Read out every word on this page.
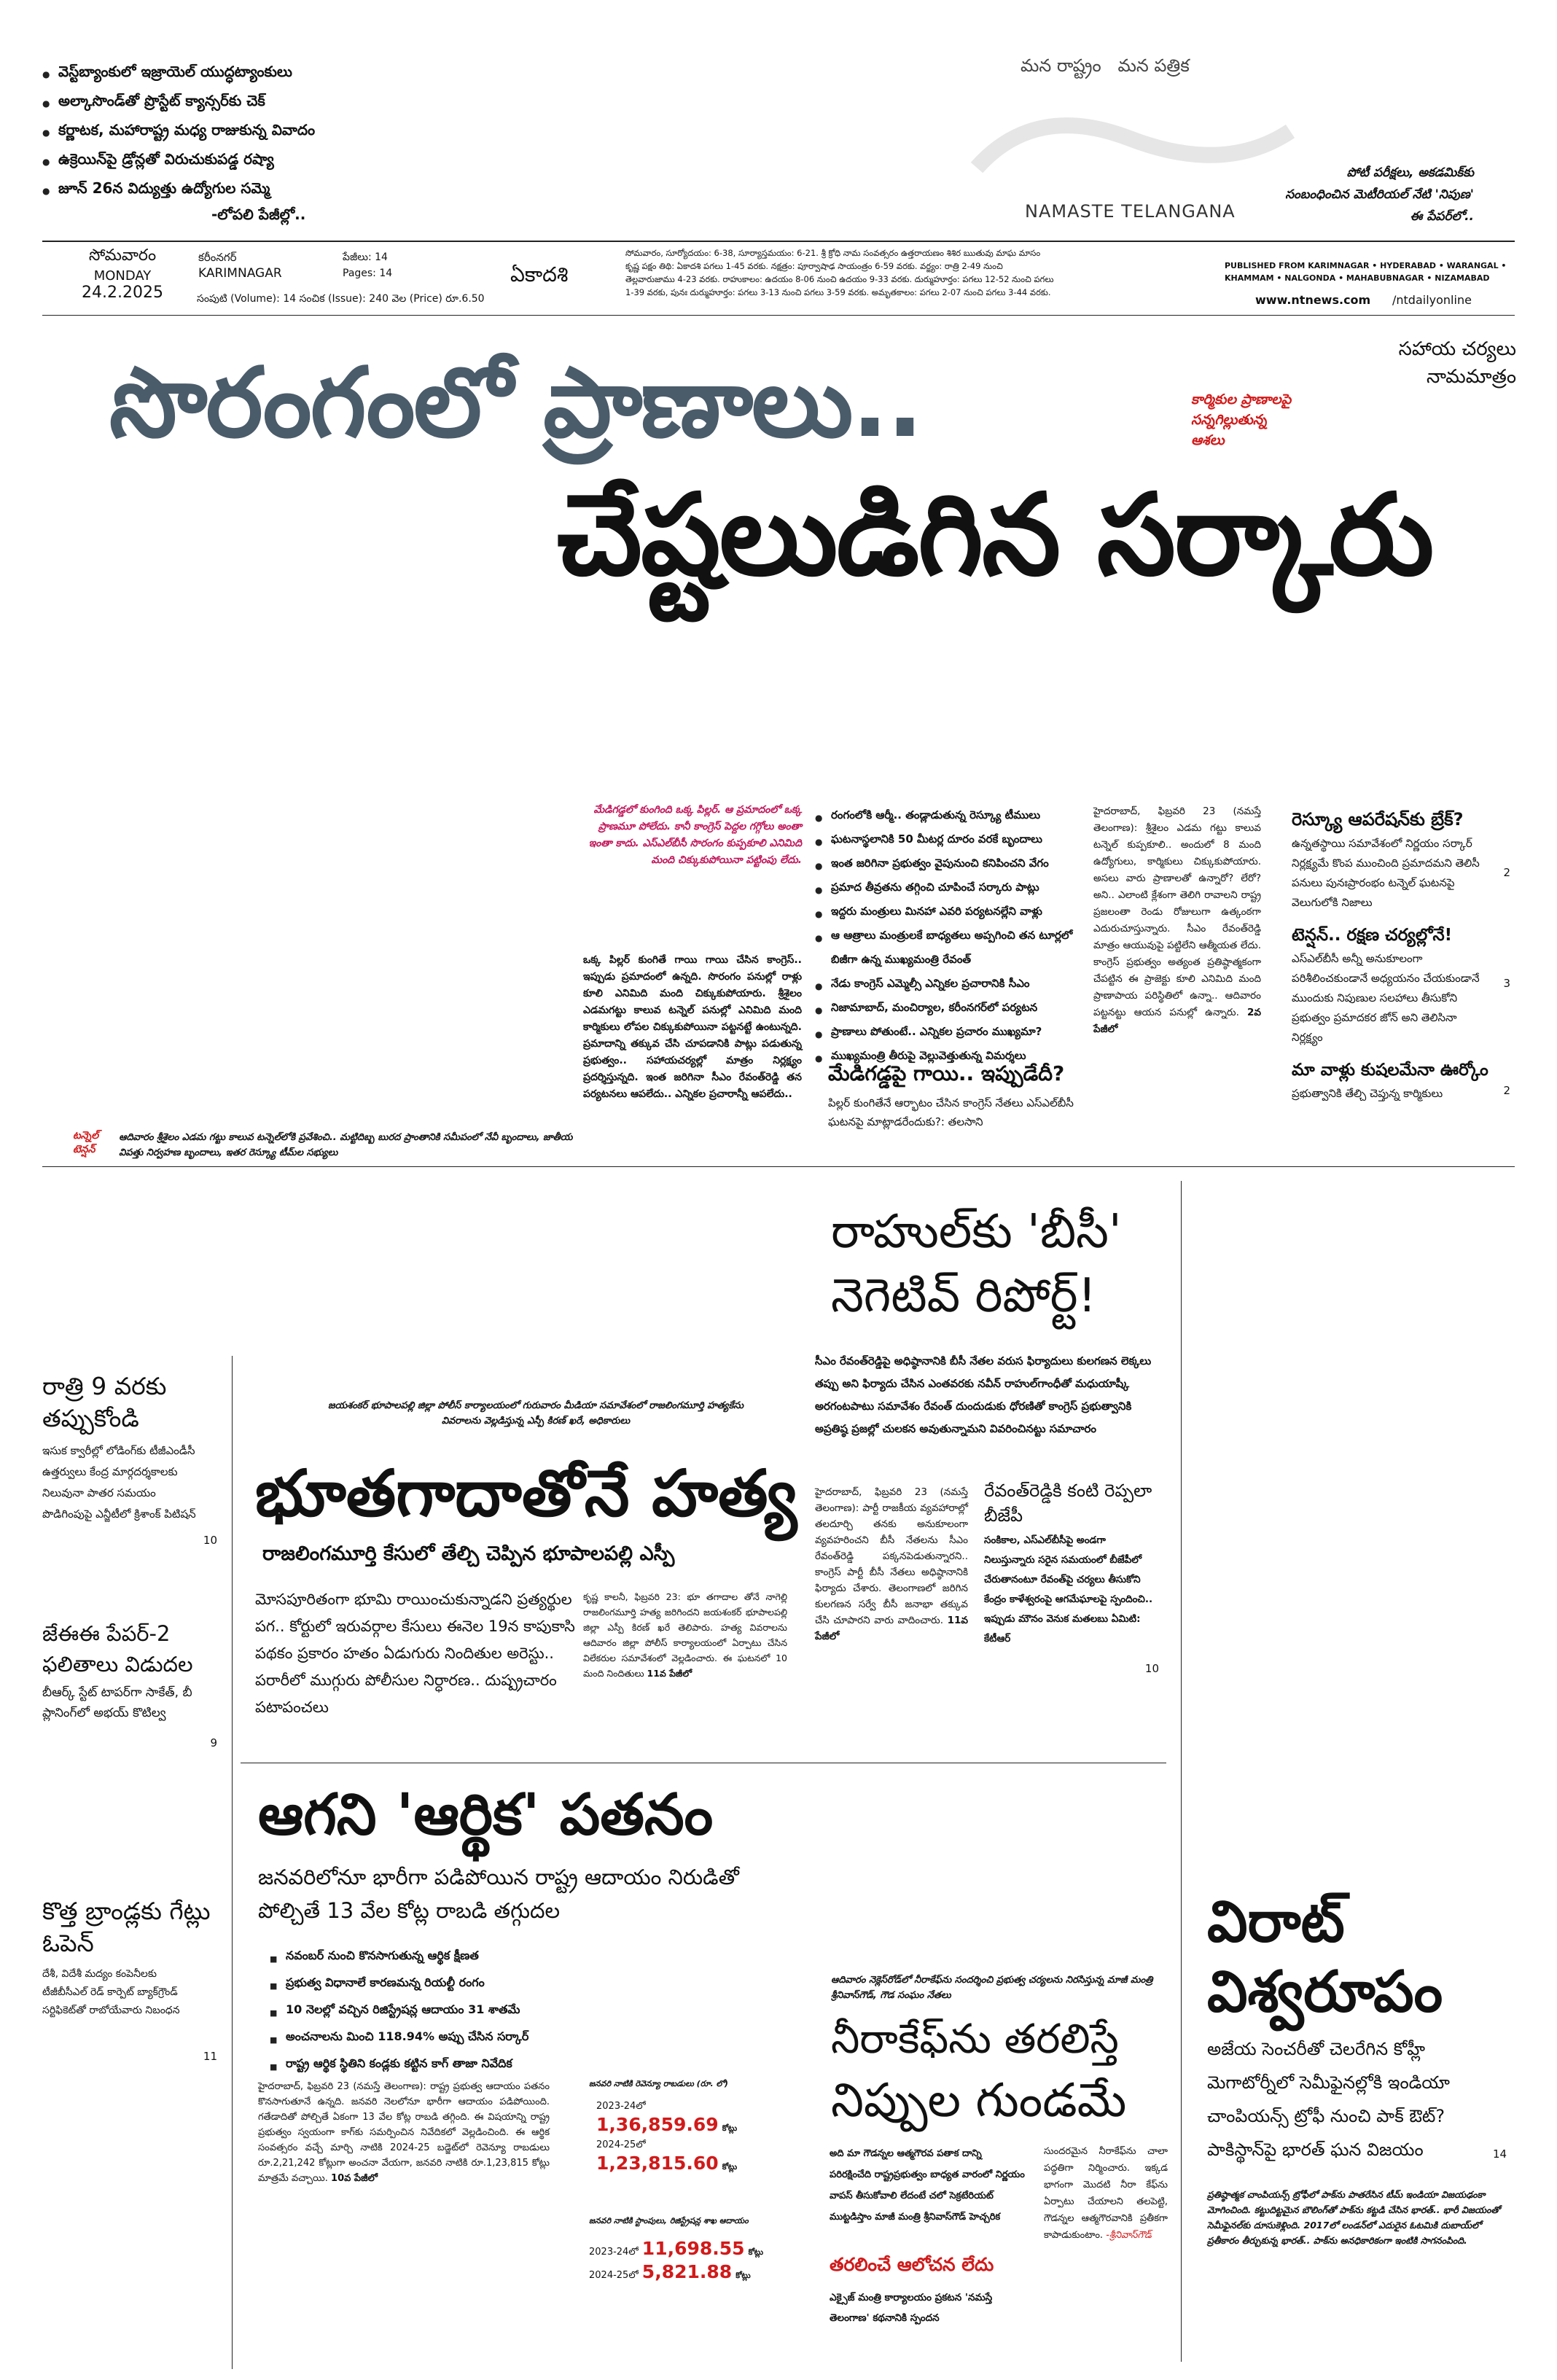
● వెస్ట్‌బ్యాంకులో ఇజ్రాయెల్ యుద్ధట్యాంకులు
● అల్కాసొండ్‌తో ప్రొస్టేట్ క్యాన్సర్‌కు చెక్
● కర్ణాటక, మహారాష్ట్ర మధ్య రాజుకున్న వివాదం
● ఉక్రెయిన్‌పై డ్రోన్లతో విరుచుకుపడ్డ రష్యా
● జూన్ 26న విద్యుత్తు ఉద్యోగుల సమ్మె
-లోపలి పేజీల్లో..
మన రాష్ట్రం   మన పత్రిక
NAMASTE TELANGANA
పోటీ పరీక్షలు, అకడమిక్‌కు సంబంధించిన మెటీరియల్ నేటి 'నిపుణ' ఈ పేపర్‌లో..
సోమవారం
MONDAY
24.2.2025
కరీంనగర్
KARIMNAGAR
పేజీలు: 14
Pages: 14
సంపుటి (Volume): 14 సంచిక (Issue): 240 వెల (Price) రూ.6.50
ఏకాదశి
సోమవారం, సూర్యోదయం: 6-38, సూర్యాస్తమయం: 6-21. శ్రీ క్రోధి నామ సంవత్సరం ఉత్తరాయణం శిశిర ఋతువు మాఘ మాసం
కృష్ణ పక్షం తిథి: ఏకాదశి పగలు 1-45 వరకు. నక్షత్రం: పూర్వాషాఢ సాయంత్రం 6-59 వరకు. వర్జ్యం: రాత్రి 2-49 నుంచి
తెల్లవారుజాము 4-23 వరకు. రాహుకాలం: ఉదయం 8-06 నుంచి ఉదయం 9-33 వరకు. దుర్ముహూర్తం: పగలు 12-52 నుంచి పగలు
1-39 వరకు, పునః దుర్ముహూర్తం: పగలు 3-13 నుంచి పగలు 3-59 వరకు. అమృతకాలం: పగలు 2-07 నుంచి పగలు 3-44 వరకు.
PUBLISHED FROM KARIMNAGAR • HYDERABAD • WARANGAL • KHAMMAM • NALGONDA • MAHABUBNAGAR • NIZAMABAD
www.ntnews.com /ntdailyonline
సొరంగంలో ప్రాణాలు..	సహాయ చర్యలు నామమాత్రం
కార్మికుల ప్రాణాలపై సన్నగిల్లుతున్న ఆశలు
చేష్టలుడిగిన సర్కారు
మేడిగడ్డలో కుంగింది ఒక్క పిల్లర్. ఆ ప్రమాదంలో ఒక్క ప్రాణమూ పోలేదు. కానీ కాంగ్రెస్ పెద్దల గగ్గోలు అంతా ఇంతా కాదు. ఎస్ఎల్‌బీసీ సొరంగం కుప్పకూలి ఎనిమిది మంది చిక్కుకుపోయినా పట్టింపు లేదు.
ఒక్క పిల్లర్ కుంగితే గాయి గాయి చేసిన కాంగ్రెస్.. ఇప్పుడు ప్రమాదంలో ఉన్నది. సొరంగం పనుల్లో రాళ్లు కూలి ఎనిమిది మంది చిక్కుకుపోయారు. శ్రీశైలం ఎడమగట్టు కాలువ టన్నెల్ పనుల్లో ఎనిమిది మంది కార్మికులు లోపల చిక్కుకుపోయినా పట్టనట్టే ఉంటున్నది. ప్రమాదాన్ని తక్కువ చేసి చూపడానికి పాట్లు పడుతున్న ప్రభుత్వం.. సహాయచర్యల్లో మాత్రం నిర్లక్ష్యం ప్రదర్శిస్తున్నది. ఇంత జరిగినా సీఎం రేవంత్‌రెడ్డి తన పర్యటనలు ఆపలేదు.. ఎన్నికల ప్రచారాన్నీ ఆపలేదు..
టన్నెల్ టెన్షన్ ఆదివారం శ్రీశైలం ఎడమ గట్టు కాలువ టన్నెల్‌లోకి ప్రవేశించి.. మట్టిదిబ్బ బురద ప్రాంతానికి సమీపంలో నేవీ బృందాలు, జాతీయ విపత్తు నిర్వహణ బృందాలు, ఇతర రెస్క్యూ టీమ్‌ల సభ్యులు
● రంగంలోకి ఆర్మీ.. తండ్లాడుతున్న రెస్క్యూ టీములు
● ఘటనాస్థలానికి 50 మీటర్ల దూరం వరకే బృందాలు
● ఇంత జరిగినా ప్రభుత్వం వైపునుంచి కనిపించని వేగం
● ప్రమాద తీవ్రతను తగ్గించి చూపించే సర్కారు పాట్లు
● ఇద్దరు మంత్రులు మినహా ఎవరి పర్యటనల్లేని వాళ్లు
● ఆ ఆత్రాలు మంత్రులకే బాధ్యతలు అప్పగించి తన టూర్లలో బిజీగా ఉన్న ముఖ్యమంత్రి రేవంత్
● నేడు కాంగ్రెస్ ఎమ్మెల్సీ ఎన్నికల ప్రచారానికి సీఎం
● నిజామాబాద్, మంచిర్యాల, కరీంనగర్‌లో పర్యటన
● ప్రాణాలు పోతుంటే.. ఎన్నికల ప్రచారం ముఖ్యమా?
● ముఖ్యమంత్రి తీరుపై వెల్లువెత్తుతున్న విమర్శలు
మేడిగడ్డపై గాయి.. ఇప్పుడేదీ?
పిల్లర్ కుంగితేనే ఆర్భాటం చేసిన కాంగ్రెస్ నేతలు ఎస్ఎల్‌బీసీ ఘటనపై మాట్లాడరేందుకు?: తలసాని
హైదరాబాద్, ఫిబ్రవరి 23 (నమస్తే తెలంగాణ): శ్రీశైలం ఎడమ గట్టు కాలువ టన్నెల్ కుప్పకూలి.. అందులో 8 మంది ఉద్యోగులు, కార్మికులు చిక్కుకుపోయారు. అసలు వారు ప్రాణాలతో ఉన్నారో? లేరో? అని.. ఎలాంటి క్లేశంగా తెలిగి రావాలని రాష్ట్ర ప్రజలంతా రెండు రోజులుగా ఉత్కంఠగా ఎదురుచూస్తున్నారు. సీఎం రేవంత్‌రెడ్డి మాత్రం ఆయువుపై పట్టిలేని ఆత్మీయత లేదు. కాంగ్రెస్ ప్రభుత్వం అత్యంత ప్రతిష్ఠాత్మకంగా చేపట్టిన ఈ ప్రాజెక్టు కూలి ఎనిమిది మంది ప్రాణాపాయ పరిస్థితిలో ఉన్నా.. ఆదివారం పట్టనట్టు ఆయన పనుల్లో ఉన్నారు. 2వ పేజీలో
రెస్క్యూ ఆపరేషన్‌కు బ్రేక్?
ఉన్నతస్థాయి సమావేశంలో నిర్ణయం సర్కార్ నిర్లక్ష్యమే కొంప ముంచింది ప్రమాదమని తెలిసీ పనులు పునఃప్రారంభం టన్నెల్ ఘటనపై వెలుగులోకి నిజాలు
2
టెన్షన్.. రక్షణ చర్యల్లోనే!
ఎస్ఎల్‌బీసీ అన్నీ అనుకూలంగా పరిశీలించకుండానే అధ్యయనం చేయకుండానే ముందుకు నిపుణుల సలహాలు తీసుకోని ప్రభుత్వం ప్రమాదకర జోన్ అని తెలిసినా నిర్లక్ష్యం
3
మా వాళ్లు కుషలమేనా ఊర్కోం
ప్రభుత్వానికి తేల్చి చెప్తున్న కార్మికులు	2
రాహుల్‌కు 'బీసీ'
నెగెటివ్ రిపోర్ట్!
సీఎం రేవంత్‌రెడ్డిపై అధిష్ఠానానికి బీసీ నేతల వరుస ఫిర్యాదులు కులగణన లెక్కలు తప్పు అని ఫిర్యాదు చేసిన ఎంతవరకు నవీన్ రాహుల్‌గాంధీతో మధుయాష్కీ అరగంటపాటు సమావేశం రేవంత్ దుందుడుకు ధోరణితో కాంగ్రెస్ ప్రభుత్వానికి అప్రతిష్ఠ ప్రజల్లో చులకన అవుతున్నామని వివరించినట్టు సమాచారం
హైదరాబాద్, ఫిబ్రవరి 23 (నమస్తే తెలంగాణ): పార్టీ రాజకీయ వ్యవహారాల్లో తలదూర్చి తనకు అనుకూలంగా వ్యవహరించని బీసీ నేతలను సీఎం రేవంత్‌రెడ్డి పక్కనపెడుతున్నారని.. కాంగ్రెస్ పార్టీ బీసీ నేతలు అధిష్ఠానానికి ఫిర్యాదు చేశారు. తెలంగాణలో జరిగిన కులగణన సర్వే బీసీ జనాభా తక్కువ చేసి చూపారని వారు వాదించారు. 11వ పేజీలో
రేవంత్‌రెడ్డికి కంటి రెప్పలా బీజేపీ
సంకికాల, ఎస్ఎల్‌బీసీపై అండగా నిలుస్తున్నారు సరైన సమయంలో బీజేపీలో చేరుతానంటూ రేవంత్‌పై చర్యలు తీసుకోని కేంద్రం కాళేశ్వరంపై ఆగమేఘాలపై స్పందించి.. ఇప్పుడు మౌనం వెనుక మతలబు ఏమిటి: కేటీఆర్
10
రాత్రి 9 వరకు తప్పుకోండి
ఇసుక క్వారీల్లో లోడింగ్‌కు టీజీఎండీసీ ఉత్తర్వులు కేంద్ర మార్గదర్శకాలకు నిలువునా పాతర సమయం పొడిగింపుపై ఎన్జీటీలో క్రిశాంక్ పిటిషన్
10
జేఈఈ పేపర్-2 ఫలితాలు విడుదల
బీఆర్క్ స్టేట్ టాపర్‌గా సాకేత్, బీ ప్లానింగ్‌లో అభయ్ కొటిల్వ
9
కొత్త బ్రాండ్లకు గేట్లు ఓపెన్
దేశీ, విదేశీ మద్యం కంపెనీలకు టీజీబీసీఎల్ రెడ్ కార్పెట్ బ్యాక్‌గ్రౌండ్ సర్టిఫికెట్‌తో రాబోయేవారు నిబంధన
11
జయశంకర్ భూపాలపల్లి జిల్లా పోలీస్ కార్యాలయంలో గురువారం మీడియా సమావేశంలో రాజలింగమూర్తి హత్యకేసు వివరాలను వెల్లడిస్తున్న ఎస్పీ కిరణ్ ఖరే, అధికారులు
భూతగాదాతోనే హత్య
రాజలింగమూర్తి కేసులో తేల్చి చెప్పిన భూపాలపల్లి ఎస్పీ
మోసపూరితంగా భూమి రాయించుకున్నాడని ప్రత్యర్థుల పగ.. కోర్టులో ఇరువర్గాల కేసులు ఈనెల 19న కాపుకాసి పథకం ప్రకారం హతం ఏడుగురు నిందితుల అరెస్టు.. పరారీలో ముగ్గురు పోలీసుల నిర్ధారణ.. దుష్ప్రచారం పటాపంచలు
కృష్ణ కాలనీ, ఫిబ్రవరి 23: భూ తగాదాల తోనే నాగెల్లి రాజలింగమూర్తి హత్య జరిగిందని జయశంకర్ భూపాలపల్లి జిల్లా ఎస్పీ కిరణ్ ఖరే తెలిపారు. హత్య వివరాలను ఆదివారం జిల్లా పోలీస్ కార్యాలయంలో ఏర్పాటు చేసిన విలేకరుల సమావేశంలో వెల్లడించారు. ఈ ఘటనలో 10 మంది నిందితులు 11వ పేజీలో
ఆగని 'ఆర్థిక' పతనం
జనవరిలోనూ భారీగా పడిపోయిన రాష్ట్ర ఆదాయం నిరుడితో పోల్చితే 13 వేల కోట్ల రాబడి తగ్గుదల
■ నవంబర్ నుంచి కొనసాగుతున్న ఆర్థిక క్షీణత
■ ప్రభుత్వ విధానాలే కారణమన్న రియల్టీ రంగం
■ 10 నెలల్లో వచ్చిన రిజిస్ట్రేషన్ల ఆదాయం 31 శాతమే
■ అంచనాలను మించి 118.94% అప్పు చేసిన సర్కార్
■ రాష్ట్ర ఆర్థిక స్థితిని కండ్లకు కట్టిన కాగ్ తాజా నివేదిక
హైదరాబాద్, ఫిబ్రవరి 23 (నమస్తే తెలంగాణ): రాష్ట్ర ప్రభుత్వ ఆదాయం పతనం కొనసాగుతూనే ఉన్నది. జనవరి నెలలోనూ భారీగా ఆదాయం పడిపోయింది. గతేడాదితో పోల్చితే ఏకంగా 13 వేల కోట్ల రాబడి తగ్గింది. ఈ విషయాన్ని రాష్ట్ర ప్రభుత్వం స్వయంగా కాగ్‌కు సమర్పించిన నివేదికలో వెల్లడించింది. ఈ ఆర్థిక సంవత్సరం వచ్చే మార్చి నాటికి 2024-25 బడ్జెట్‌లో రెవెన్యూ రాబడులు రూ.2,21,242 కోట్లుగా అంచనా వేయగా, జనవరి నాటికి రూ.1,23,815 కోట్లు మాత్రమే వచ్చాయి. 10వ పేజీలో
జనవరి నాటికి రెవెన్యూ రాబడులు (రూ. లో)
2023-24లో
1,36,859.69 కోట్లు
2024-25లో
1,23,815.60 కోట్లు
జనవరి నాటికి స్టాంపులు, రిజిస్ట్రేషన్ల శాఖ ఆదాయం
2023-24లో 11,698.55 కోట్లు
2024-25లో 5,821.88 కోట్లు
ఆదివారం నెక్లెస్‌రోడ్‌లో నీరాకేఫ్‌ను సందర్శించి ప్రభుత్వ చర్యలను నిరసిస్తున్న మాజీ మంత్రి శ్రీనివాస్‌గౌడ్, గౌడ సంఘం నేతలు
నీరాకేఫ్‌ను తరలిస్తే
నిప్పుల గుండమే
అది మా గౌడన్నల ఆత్మగౌరవ పతాక దాన్ని పరిరక్షించేది రాష్ట్రప్రభుత్వం బాధ్యత వారంలో నిర్ణయం వాపస్ తీసుకోవాలి లేదంటే చలో సెక్రటేరియట్ ముట్టడిస్తాం మాజీ మంత్రి శ్రీనివాస్‌గౌడ్ హెచ్చరిక
తరలించే ఆలోచన లేదు
ఎక్సైజ్ మంత్రి కార్యాలయం ప్రకటన 'నమస్తే తెలంగాణ' కథనానికి స్పందన
సుందరమైన నీరాకేఫ్‌ను చాలా పద్ధతిగా నిర్మించారు. ఇక్కడ భాగంగా మొదటి నీరా కేఫ్‌ను ఏర్పాటు చేయాలని తలపెట్టి, గౌడన్నల ఆత్మగౌరవానికి ప్రతీకగా కాపాడుకుంటాం. -శ్రీనివాస్‌గౌడ్
విరాట్
విశ్వరూపం
అజేయ సెంచరీతో చెలరేగిన కోహ్లీ మెగాటోర్నీలో సెమీఫైనల్లోకి ఇండియా చాంపియన్స్ ట్రోఫీ నుంచి పాక్ ఔట్? పాకిస్థాన్‌పై భారత్ ఘన విజయం	14
ప్రతిష్ఠాత్మక చాంపియన్స్ ట్రోఫీలో పాక్‌ను పాతరేసిన టీమ్ ఇండియా విజయఢంకా మోగించింది. కట్టుదిట్టమైన బౌలింగ్‌తో పాక్‌ను కట్టడి చేసిన భారత్.. భారీ విజయంతో సెమీఫైనల్‌కు దూసుకెళ్లింది. 2017లో లండన్‌లో ఎదురైన ఓటమికి దుబాయ్‌లో ప్రతీకారం తీర్చుకున్న భారత్.. పాక్‌ను అనధికారికంగా ఇంటికి సాగనంపింది.
